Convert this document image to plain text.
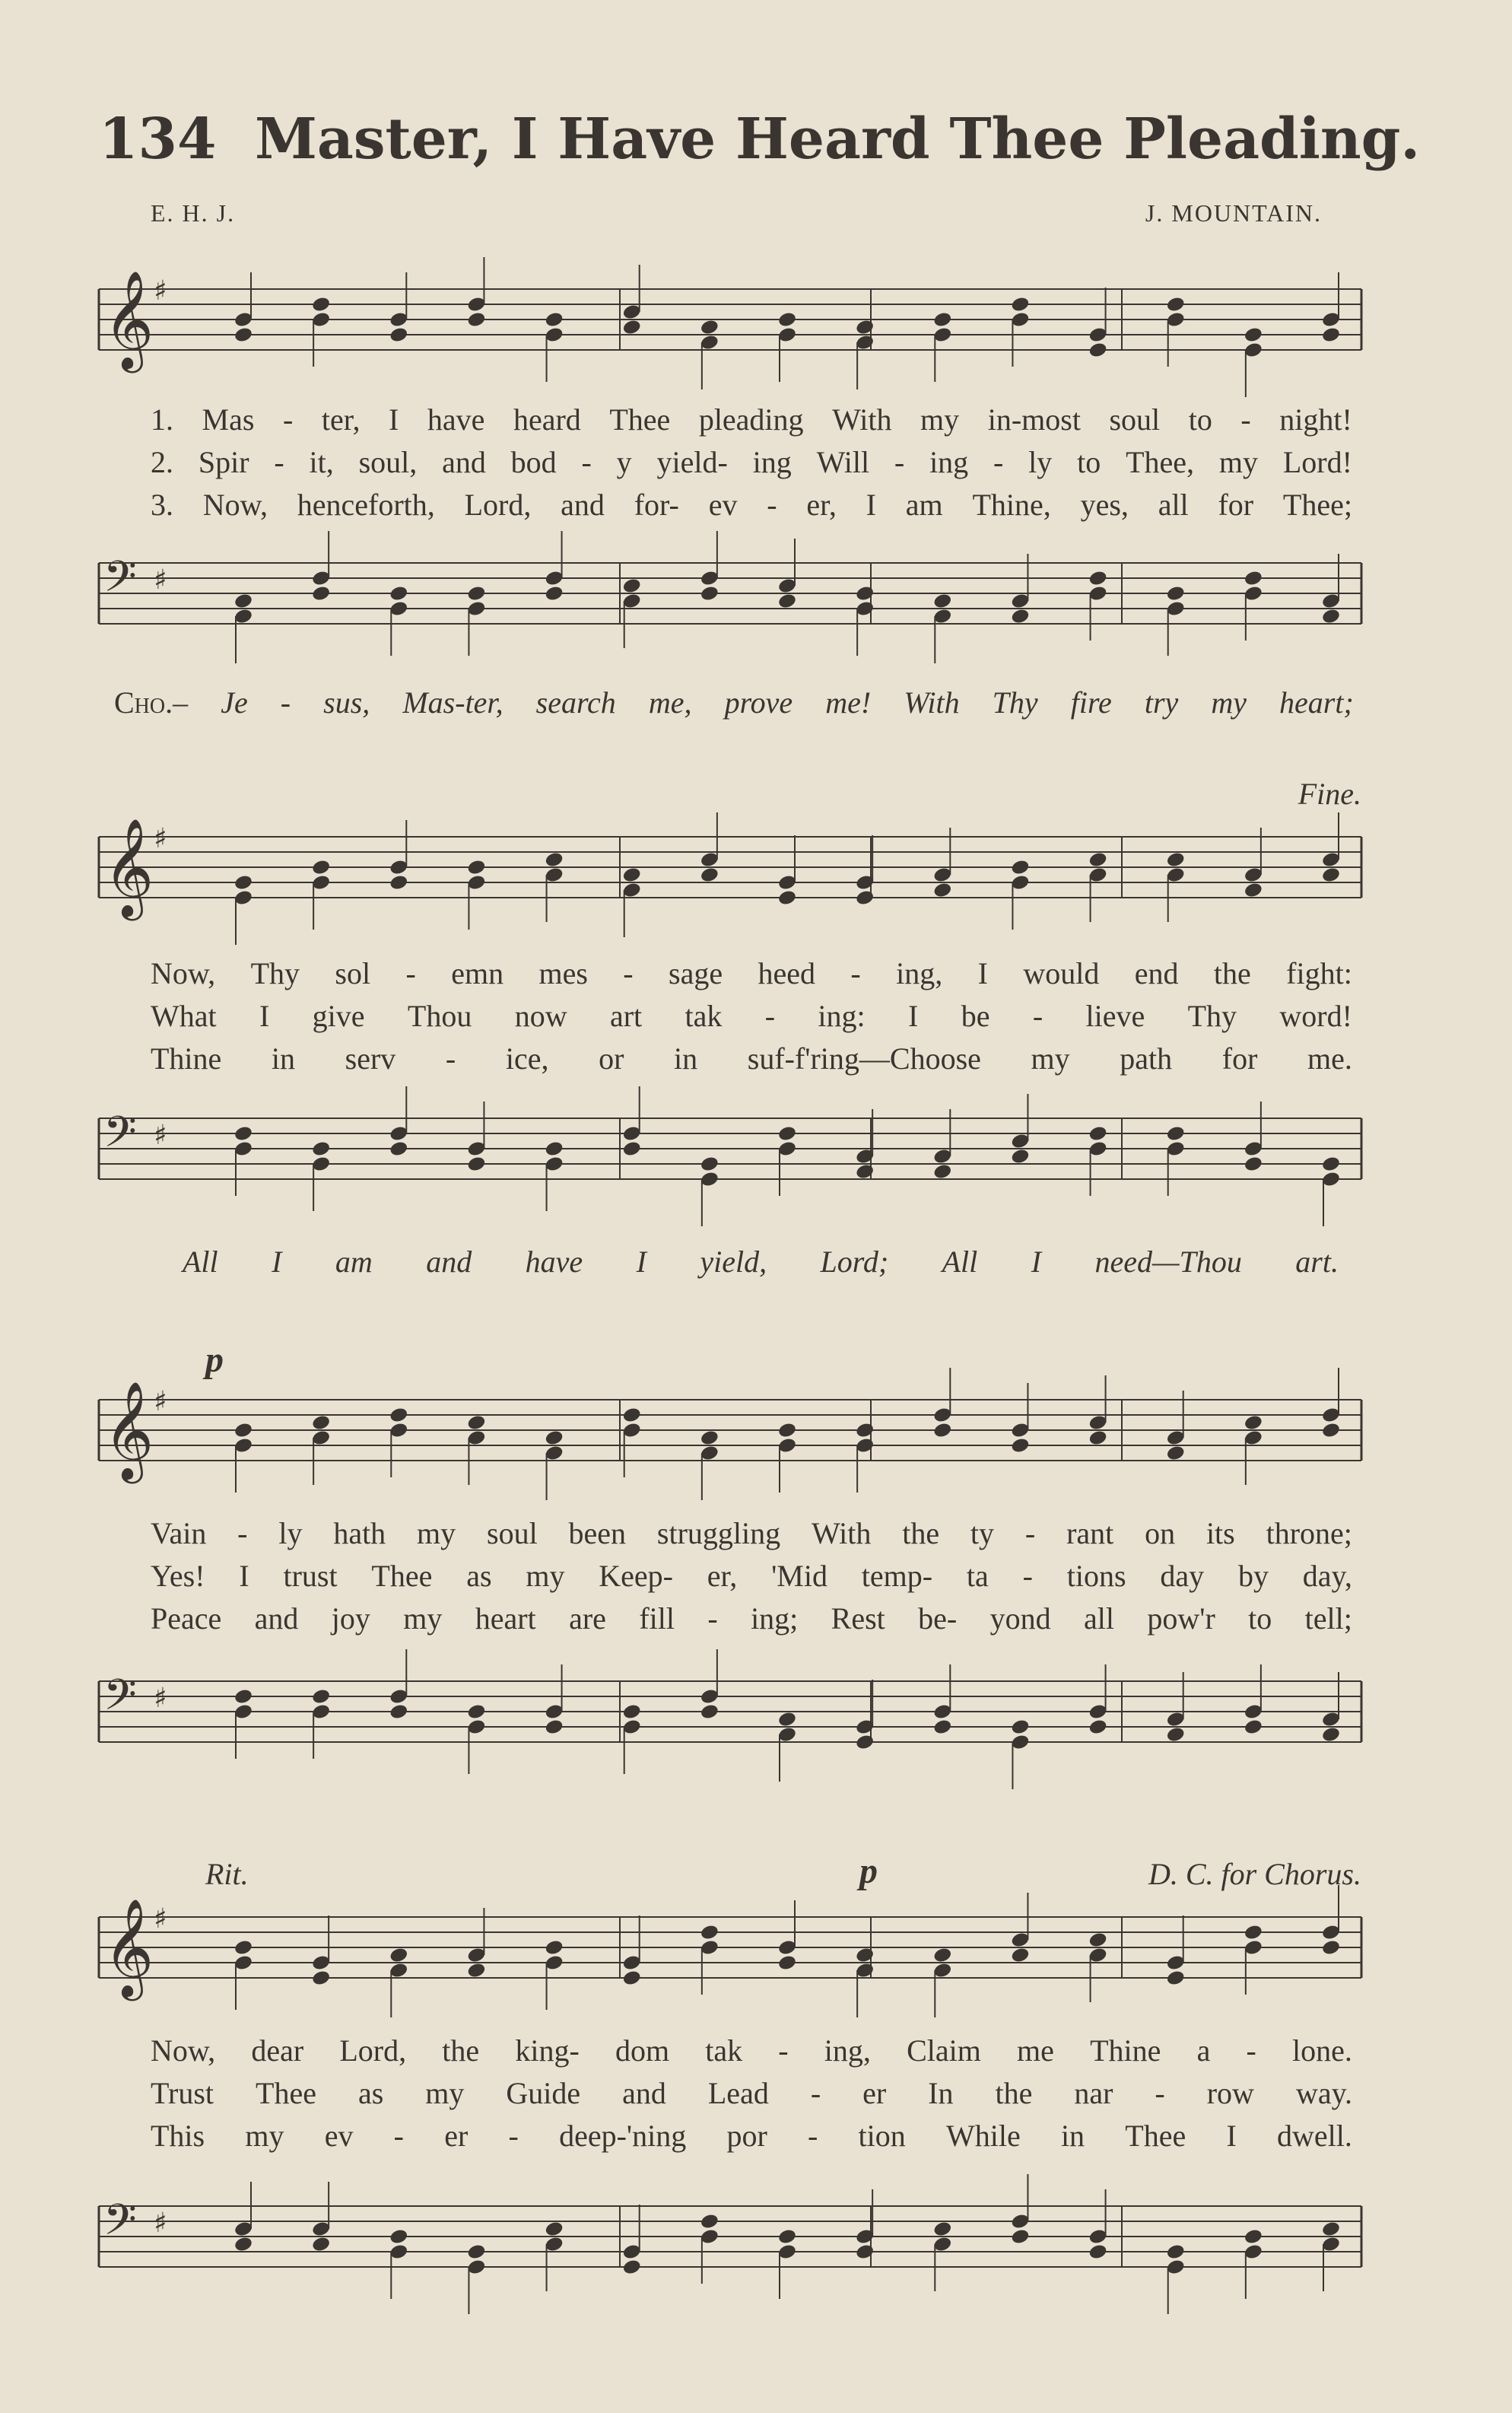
134 Master, I Have Heard Thee Pleading.
E. H. J.	J. MOUNTAIN.
𝄞 ♯
1. Mas - ter, I have heard Thee pleading With my in-most soul to - night!
2. Spir - it, soul, and bod - y yield- ing Will - ing - ly to Thee, my Lord!
3. Now, henceforth, Lord, and for- ev - er, I am Thine, yes, all for Thee;
𝄢 ♯
Cho.– Je - sus, Mas-ter, search me, prove me! With Thy fire try my heart;
Fine.
𝄞 ♯
Now, Thy sol - emn mes - sage heed - ing, I would end the fight:
What I give Thou now art tak - ing: I be - lieve Thy word!
Thine in serv - ice, or in suf-f'ring—Choose my path for me.
𝄢 ♯
All I am and have I yield, Lord; All I need—Thou art.
p
𝄞 ♯
Vain - ly hath my soul been struggling With the ty - rant on its throne;
Yes! I trust Thee as my Keep- er, 'Mid temp- ta - tions day by day,
Peace and joy my heart are fill - ing; Rest be- yond all pow'r to tell;
𝄢 ♯
Rit.	p	D. C. for Chorus.
𝄞 ♯
Now, dear Lord, the king- dom tak - ing, Claim me Thine a - lone.
Trust Thee as my Guide and Lead - er In the nar - row way.
This my ev - er - deep-'ning por - tion While in Thee I dwell.
𝄢 ♯
